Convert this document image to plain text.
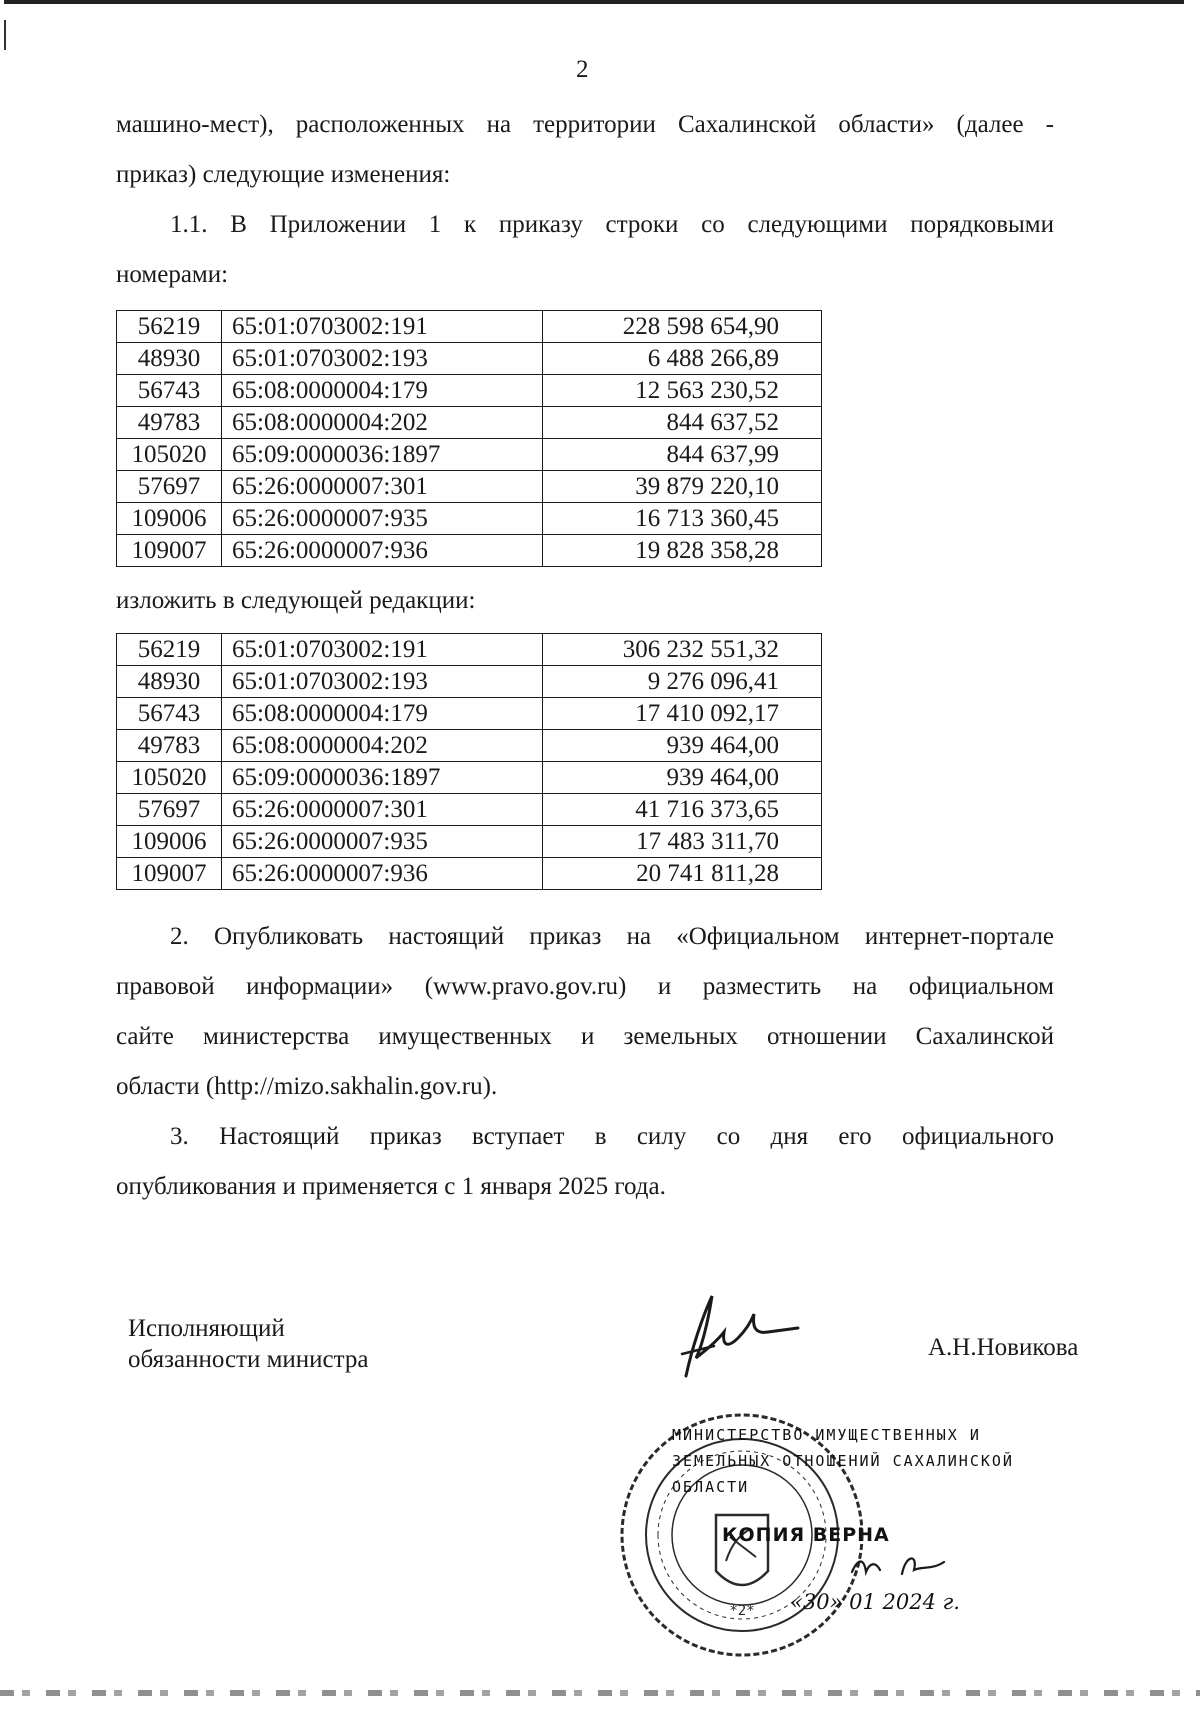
2
машино-мест), расположенных на территории Сахалинской области» (далее -
приказ) следующие изменения:
1.1. В Приложении 1 к приказу строки со следующими порядковыми
номерами:
56219	65:01:0703002:191	228 598 654,90
48930	65:01:0703002:193	6 488 266,89
56743	65:08:0000004:179	12 563 230,52
49783	65:08:0000004:202	844 637,52
105020	65:09:0000036:1897	844 637,99
57697	65:26:0000007:301	39 879 220,10
109006	65:26:0000007:935	16 713 360,45
109007	65:26:0000007:936	19 828 358,28
изложить в следующей редакции:
56219	65:01:0703002:191	306 232 551,32
48930	65:01:0703002:193	9 276 096,41
56743	65:08:0000004:179	17 410 092,17
49783	65:08:0000004:202	939 464,00
105020	65:09:0000036:1897	939 464,00
57697	65:26:0000007:301	41 716 373,65
109006	65:26:0000007:935	17 483 311,70
109007	65:26:0000007:936	20 741 811,28
2. Опубликовать настоящий приказ на «Официальном интернет-портале
правовой информации» (www.pravo.gov.ru) и разместить на официальном
сайте министерства имущественных и земельных отношении Сахалинской
области (http://mizo.sakhalin.gov.ru).
3. Настоящий приказ вступает в силу со дня его официального
опубликования и применяется с 1 января 2025 года.
Исполняющий
обязанности министра	А.Н.Новикова
*2*
МИНИСТЕРСТВО ИМУЩЕСТВЕННЫХ И
ЗЕМЕЛЬНЫХ ОТНОШЕНИЙ САХАЛИНСКОЙ
ОБЛАСТИ
КОПИЯ ВЕРНА
«30» 01 2024 г.
